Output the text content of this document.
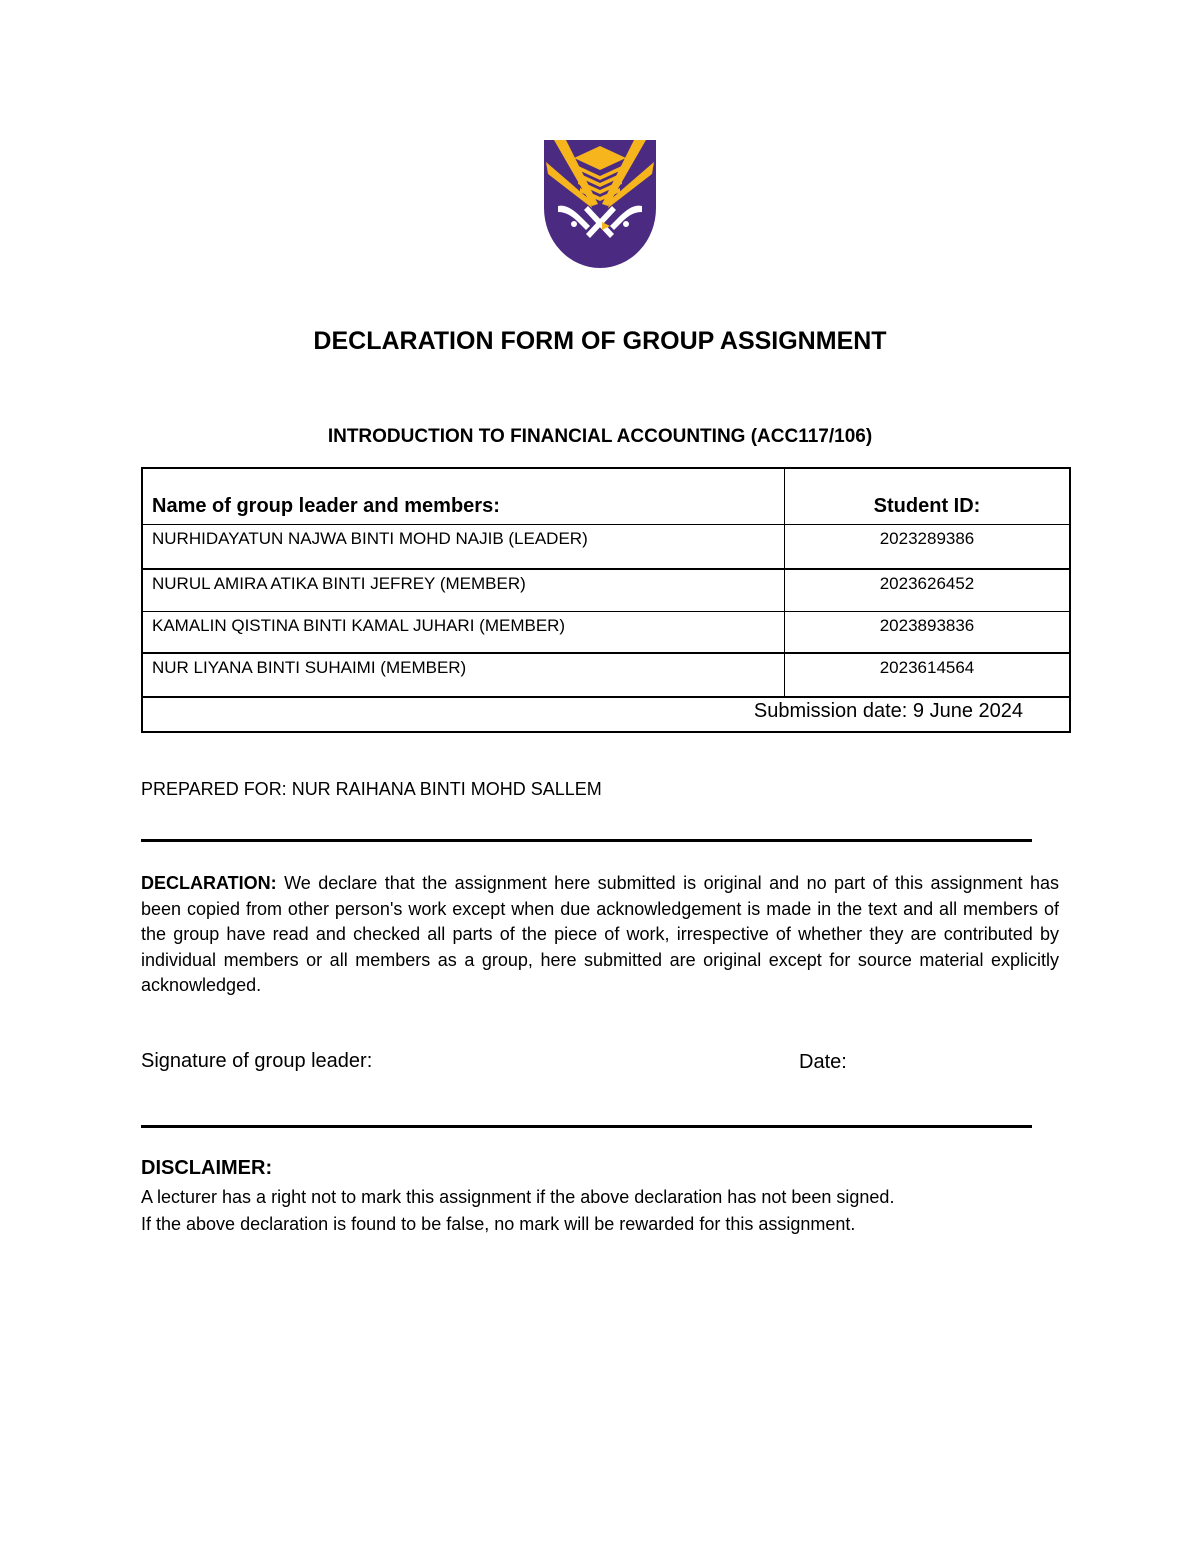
DECLARATION FORM OF GROUP ASSIGNMENT
INTRODUCTION TO FINANCIAL ACCOUNTING (ACC117/106)
Name of group leader and members:	Student ID:
NURHIDAYATUN NAJWA BINTI MOHD NAJIB (LEADER)	2023289386
NURUL AMIRA ATIKA BINTI JEFREY (MEMBER)	2023626452
KAMALIN QISTINA BINTI KAMAL JUHARI (MEMBER)	2023893836
NUR LIYANA BINTI SUHAIMI (MEMBER)	2023614564
Submission date: 9 June 2024
PREPARED FOR: NUR RAIHANA BINTI MOHD SALLEM
DECLARATION: We declare that the assignment here submitted is original and no part of this assignment has been copied from other person's work except when due acknowledgement is made in the text and all members of the group have read and checked all parts of the piece of work, irrespective of whether they are contributed by individual members or all members as a group, here submitted are original except for source material explicitly acknowledged.
Signature of group leader:	Date:
DISCLAIMER:
A lecturer has a right not to mark this assignment if the above declaration has not been signed.
If the above declaration is found to be false, no mark will be rewarded for this assignment.
